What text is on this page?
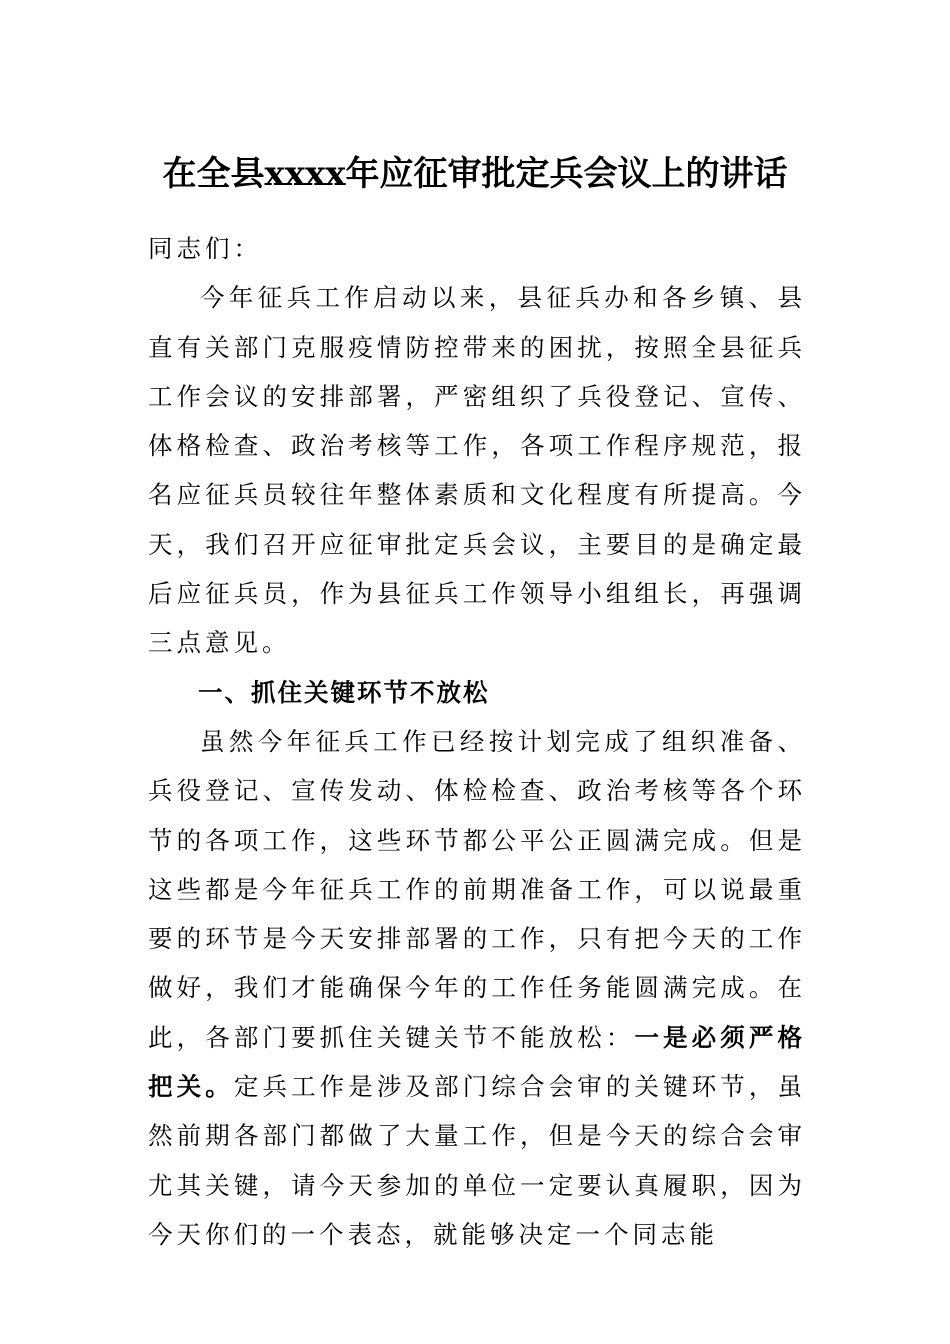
在全县xxxx年应征审批定兵会议上的讲话

同志们：

今年征兵工作启动以来，县征兵办和各乡镇、县直有关部门克服疫情防控带来的困扰，按照全县征兵工作会议的安排部署，严密组织了兵役登记、宣传、体格检查、政治考核等工作，各项工作程序规范，报名应征兵员较往年整体素质和文化程度有所提高。今天，我们召开应征审批定兵会议，主要目的是确定最后应征兵员，作为县征兵工作领导小组组长，再强调三点意见。

一、抓住关键环节不放松

虽然今年征兵工作已经按计划完成了组织准备、兵役登记、宣传发动、体检检查、政治考核等各个环节的各项工作，这些环节都公平公正圆满完成。但是这些都是今年征兵工作的前期准备工作，可以说最重要的环节是今天安排部署的工作，只有把今天的工作做好，我们才能确保今年的工作任务能圆满完成。在此，各部门要抓住关键关节不能放松：一是必须严格把关。定兵工作是涉及部门综合会审的关键环节，虽然前期各部门都做了大量工作，但是今天的综合会审尤其关键，请今天参加的单位一定要认真履职，因为今天你们的一个表态，就能够决定一个同志能
